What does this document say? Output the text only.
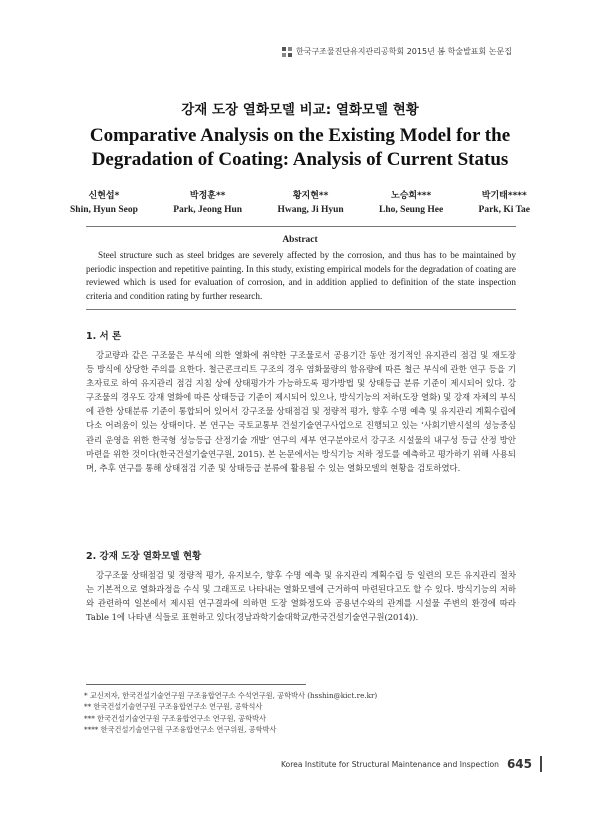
한국구조물진단유지관리공학회 2015년 봄 학술발표회 논문집
강재 도장 열화모델 비교: 열화모델 현황
Comparative Analysis on the Existing Model for the
Degradation of Coating: Analysis of Current Status
신현섭*
Shin, Hyun Seop
박정훈**
Park, Jeong Hun
황지현**
Hwang, Ji Hyun
노승희***
Lho, Seung Hee
박기태****
Park, Ki Tae
Abstract
Steel structure such as steel bridges are severely affected by the corrosion, and thus has to be maintained by periodic inspection and repetitive painting. In this study, existing empirical models for the degradation of coating are reviewed which is used for evaluation of corrosion, and in addition applied to definition of the state inspection criteria and condition rating by further research.
1. 서 론
강교량과 같은 구조물은 부식에 의한 열화에 취약한 구조물로서 공용기간 동안 정기적인 유지관리 점검 및 재도장 등 방식에 상당한 주의를 요한다. 철근콘크리트 구조의 경우 염화물량의 함유량에 따른 철근 부식에 관한 연구 등을 기초자료로 하여 유지관리 점검 지침 상에 상태평가가 가능하도록 평가방법 및 상태등급 분류 기준이 제시되어 있다. 강구조물의 경우도 강재 열화에 따른 상태등급 기준이 제시되어 있으나, 방식기능의 저하(도장 열화) 및 강재 자체의 부식에 관한 상태분류 기준이 통합되어 있어서 강구조물 상태점검 및 정량적 평가, 향후 수명 예측 및 유지관리 계획수립에 다소 어려움이 있는 상태이다. 본 연구는 국토교통부 건설기술연구사업으로 진행되고 있는 ‘사회기반시설의 성능중심 관리 운영을 위한 한국형 성능등급 산정기술 개발’ 연구의 세부 연구분야로서 강구조 시설물의 내구성 등급 산정 방안 마련을 위한 것이다(한국건설기술연구원, 2015). 본 논문에서는 방식기능 저하 정도를 예측하고 평가하기 위해 사용되며, 추후 연구를 통해 상태점검 기준 및 상태등급 분류에 활용될 수 있는 열화모델의 현황을 검토하였다.
2. 강재 도장 열화모델 현황
강구조물 상태점검 및 정량적 평가, 유지보수, 향후 수명 예측 및 유지관리 계획수립 등 일련의 모든 유지관리 절차는 기본적으로 열화과정을 수식 및 그래프로 나타내는 열화모델에 근거하여 마련된다고도 할 수 있다. 방식기능의 저하와 관련하여 일본에서 제시된 연구결과에 의하면 도장 열화정도와 공용년수와의 관계를 시설물 주변의 환경에 따라 Table 1에 나타낸 식들로 표현하고 있다(경남과학기술대학교/한국건설기술연구원(2014)).
* 교신저자, 한국건설기술연구원 구조융합연구소 수석연구원, 공학박사 (hsshin@kict.re.kr)
** 한국건설기술연구원 구조융합연구소 연구원, 공학석사
*** 한국건설기술연구원 구조융합연구소 연구원, 공학박사
**** 한국건설기술연구원 구조융합연구소 연구위원, 공학박사
Korea Institute for Structural Maintenance and Inspection 645
